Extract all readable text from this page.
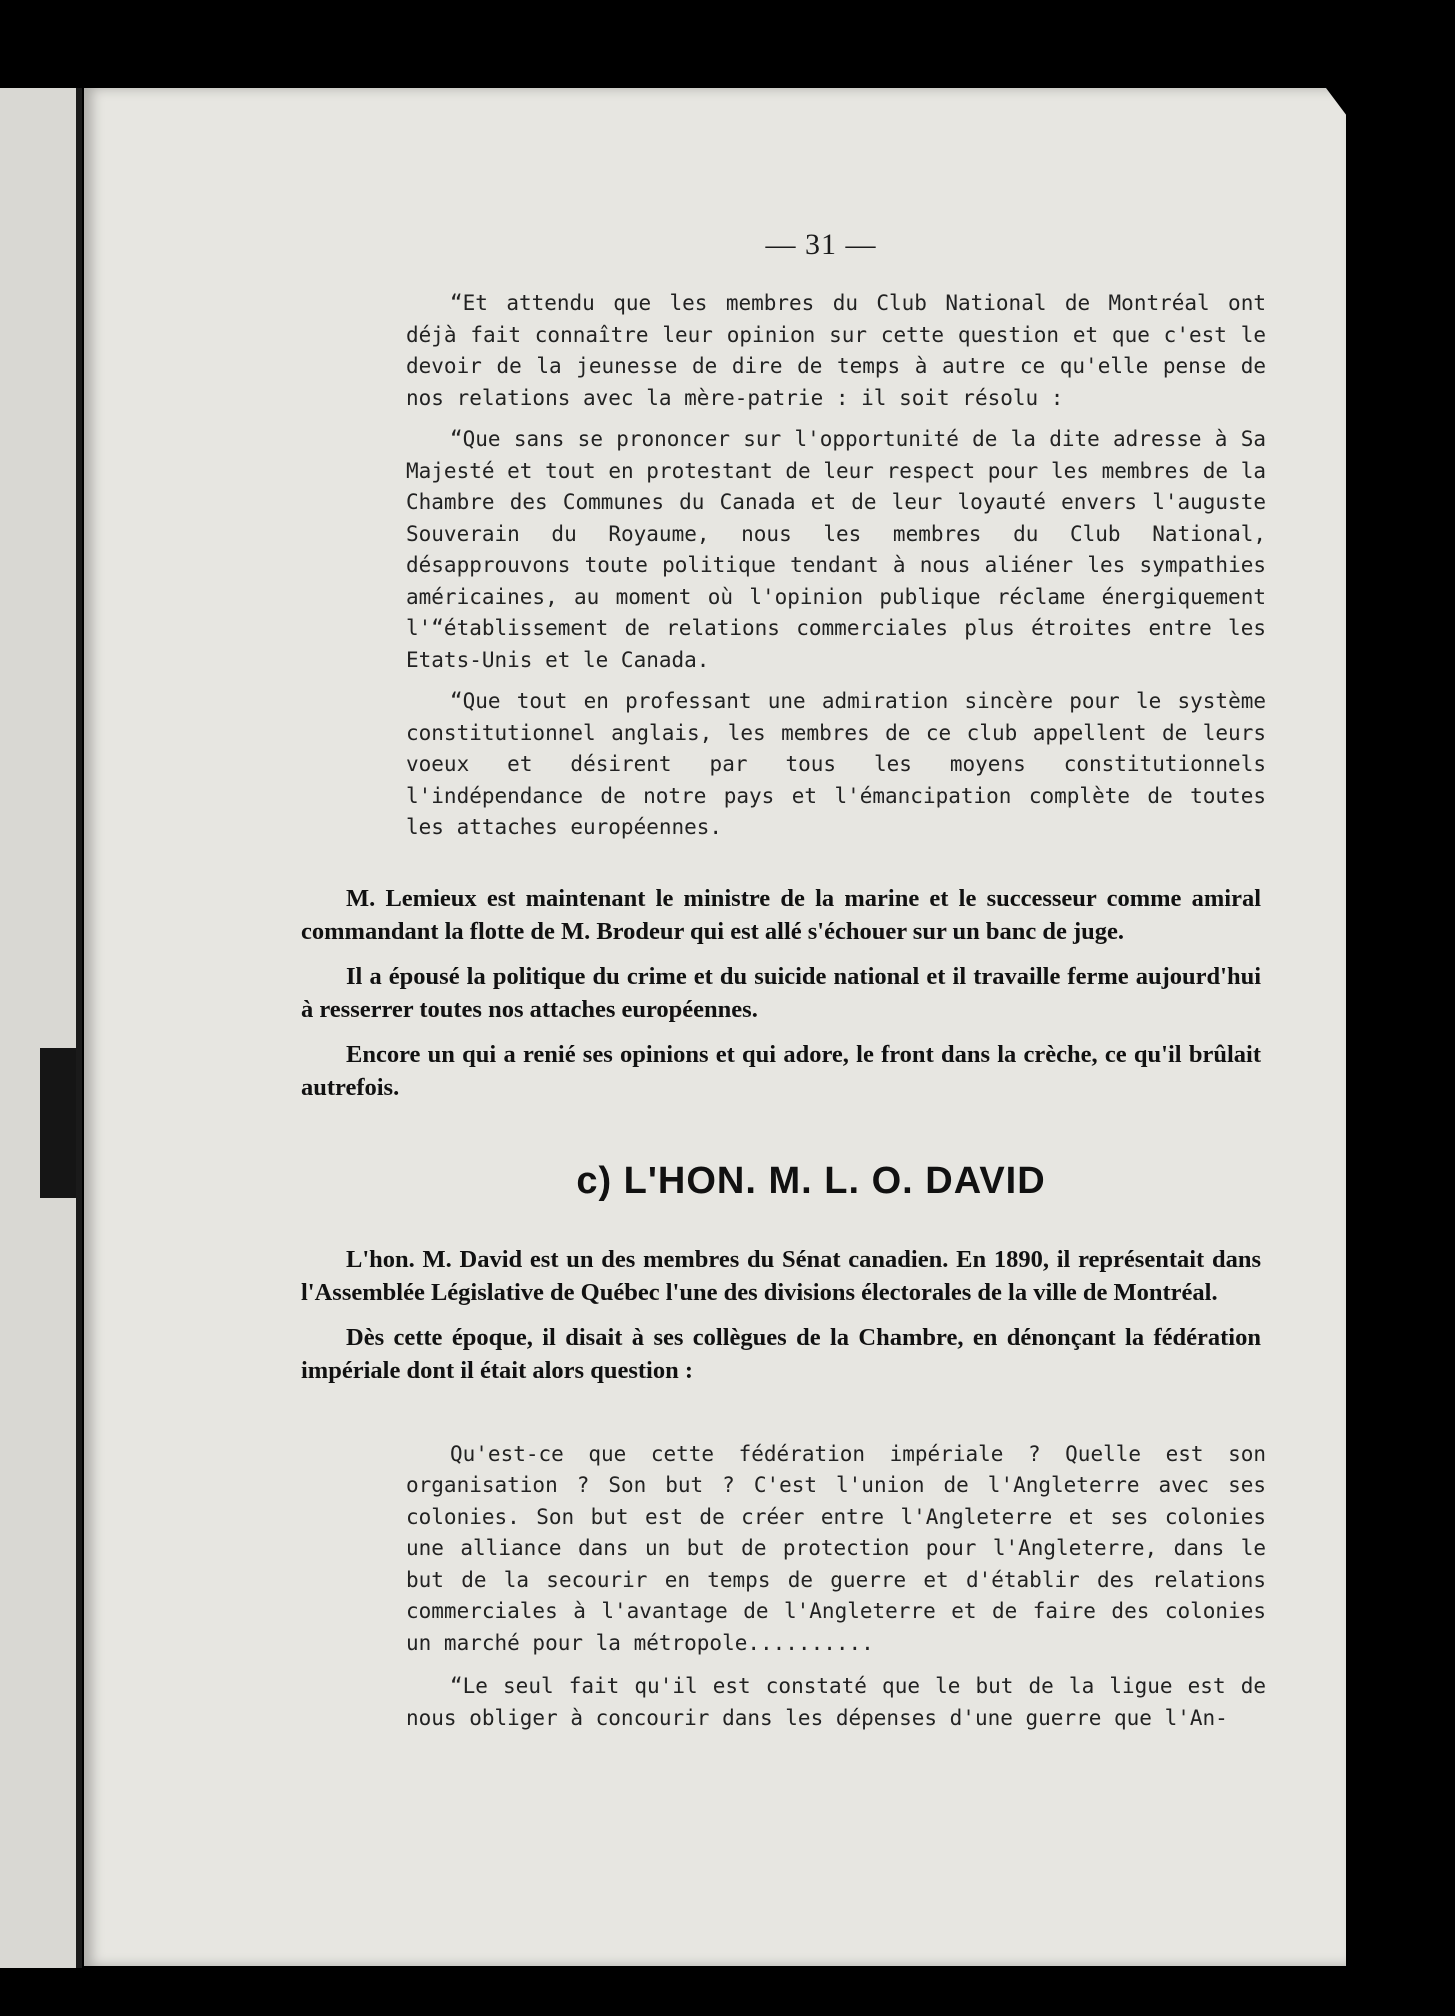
— 31 —

“Et attendu que les membres du Club National de Montréal ont déjà fait connaître leur opinion sur cette question et que c'est le devoir de la jeunesse de dire de temps à autre ce qu'elle pense de nos relations avec la mère-patrie : il soit résolu :

“Que sans se prononcer sur l'opportunité de la dite adresse à Sa Majesté et tout en protestant de leur respect pour les membres de la Chambre des Communes du Canada et de leur loyauté envers l'auguste Souverain du Royaume, nous les membres du Club National, désapprouvons toute politique tendant à nous aliéner les sympathies américaines, au moment où l'opinion publique réclame énergiquement l'“établissement de relations commerciales plus étroites entre les Etats-Unis et le Canada.

“Que tout en professant une admiration sincère pour le système constitutionnel anglais, les membres de ce club appellent de leurs voeux et désirent par tous les moyens constitutionnels l'indépendance de notre pays et l'émancipation complète de toutes les attaches européennes.

M. Lemieux est maintenant le ministre de la marine et le successeur comme amiral commandant la flotte de M. Brodeur qui est allé s'échouer sur un banc de juge.

Il a épousé la politique du crime et du suicide national et il travaille ferme aujourd'hui à resserrer toutes nos attaches européennes.

Encore un qui a renié ses opinions et qui adore, le front dans la crèche, ce qu'il brûlait autrefois.

c) L'HON. M. L. O. DAVID

L'hon. M. David est un des membres du Sénat canadien. En 1890, il représentait dans l'Assemblée Législative de Québec l'une des divisions électorales de la ville de Montréal.

Dès cette époque, il disait à ses collègues de la Chambre, en dénonçant la fédération impériale dont il était alors question :

Qu'est-ce que cette fédération impériale ? Quelle est son organisation ? Son but ? C'est l'union de l'Angleterre avec ses colonies. Son but est de créer entre l'Angleterre et ses colonies une alliance dans un but de protection pour l'Angleterre, dans le but de la secourir en temps de guerre et d'établir des relations commerciales à l'avantage de l'Angleterre et de faire des colonies un marché pour la métropole..........

“Le seul fait qu'il est constaté que le but de la ligue est de nous obliger à concourir dans les dépenses d'une guerre que l'An-
